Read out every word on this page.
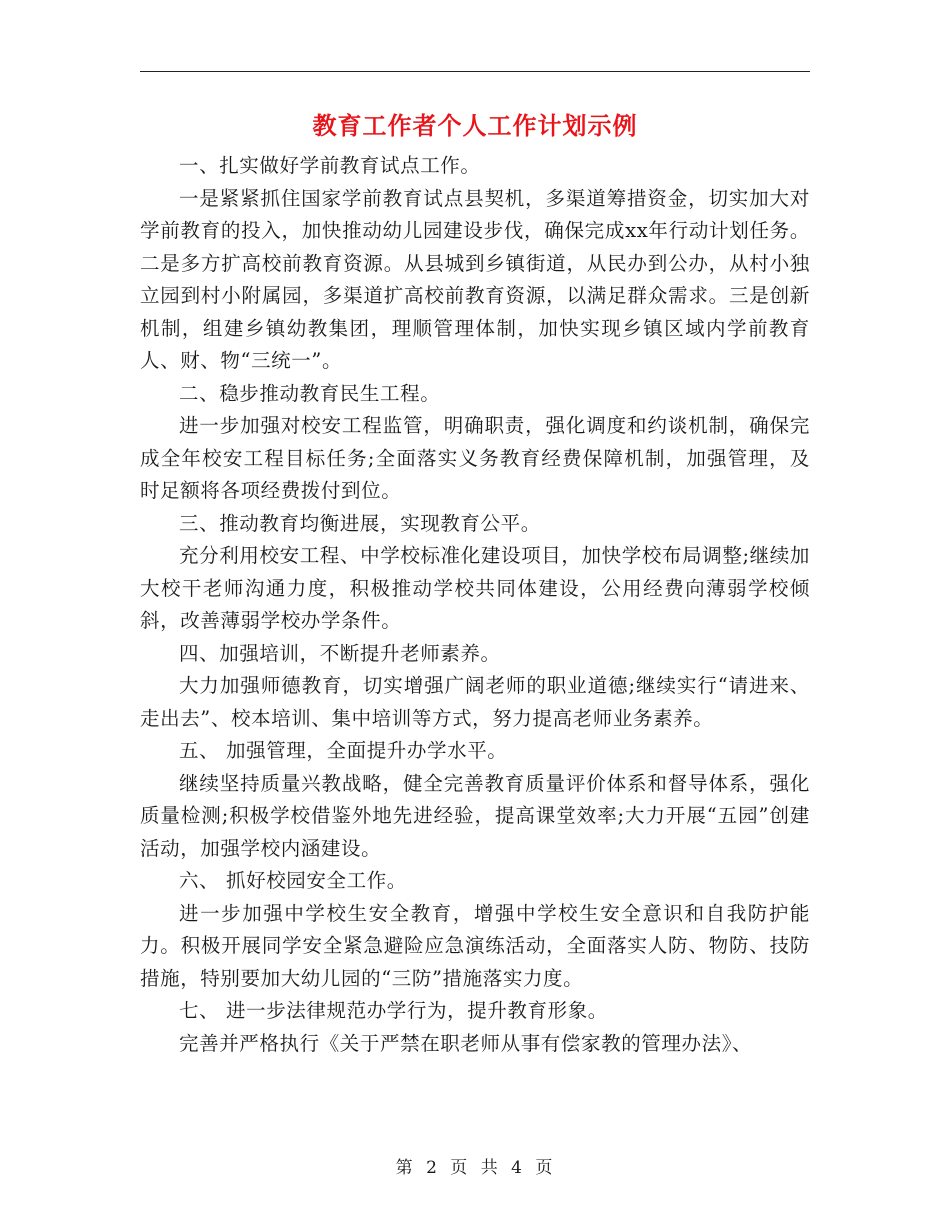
教育工作者个人工作计划示例

一、扎实做好学前教育试点工作。

一是紧紧抓住国家学前教育试点县契机，多渠道筹措资金，切实加大对学前教育的投入，加快推动幼儿园建设步伐，确保完成xx年行动计划任务。二是多方扩高校前教育资源。从县城到乡镇街道，从民办到公办，从村小独立园到村小附属园，多渠道扩高校前教育资源，以满足群众需求。三是创新机制，组建乡镇幼教集团，理顺管理体制，加快实现乡镇区域内学前教育人、财、物“三统一”。

二、稳步推动教育民生工程。

进一步加强对校安工程监管，明确职责，强化调度和约谈机制，确保完成全年校安工程目标任务;全面落实义务教育经费保障机制，加强管理，及时足额将各项经费拨付到位。

三、推动教育均衡进展，实现教育公平。

充分利用校安工程、中学校标准化建设项目，加快学校布局调整;继续加大校干老师沟通力度，积极推动学校共同体建设，公用经费向薄弱学校倾斜，改善薄弱学校办学条件。

四、加强培训，不断提升老师素养。

大力加强师德教育，切实增强广阔老师的职业道德;继续实行“请进来、走出去”、校本培训、集中培训等方式，努力提高老师业务素养。

五、 加强管理，全面提升办学水平。

继续坚持质量兴教战略，健全完善教育质量评价体系和督导体系，强化质量检测;积极学校借鉴外地先进经验，提高课堂效率;大力开展“五园”创建活动，加强学校内涵建设。

六、 抓好校园安全工作。

进一步加强中学校生安全教育，增强中学校生安全意识和自我防护能力。积极开展同学安全紧急避险应急演练活动，全面落实人防、物防、技防措施，特别要加大幼儿园的“三防”措施落实力度。

七、 进一步法律规范办学行为，提升教育形象。

完善并严格执行《关于严禁在职老师从事有偿家教的管理办法》、

第 2 页 共 4 页
